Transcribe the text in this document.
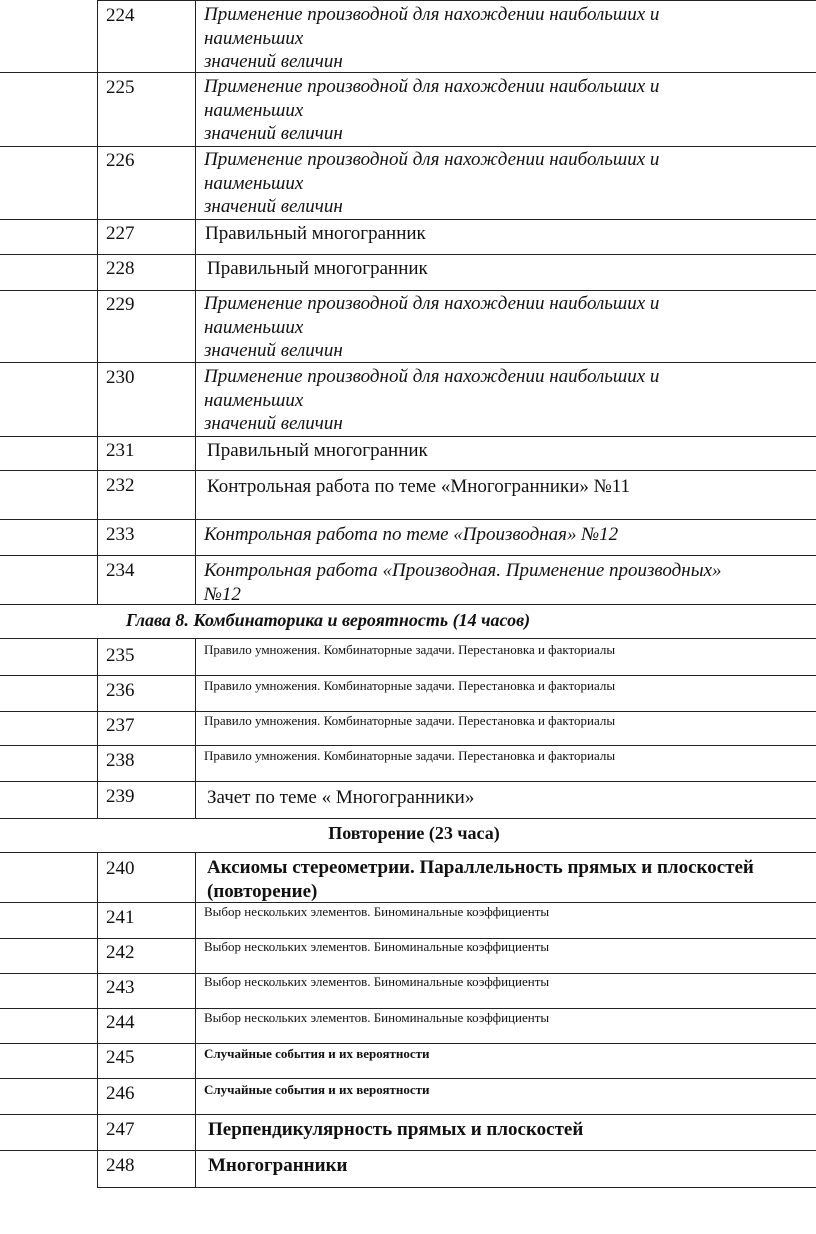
224	Применение производной для нахождении наибольших и
наименьших
значений величин
225	Применение производной для нахождении наибольших и
наименьших
значений величин
226	Применение производной для нахождении наибольших и
наименьших
значений величин
227	Правильный многогранник
228	Правильный многогранник
229	Применение производной для нахождении наибольших и
наименьших
значений величин
230	Применение производной для нахождении наибольших и
наименьших
значений величин
231	Правильный многогранник
232	Контрольная работа по теме «Многогранники» №11
233	Контрольная работа по теме «Производная» №12
234	Контрольная работа «Производная. Применение производных»
№12
Глава 8. Комбинаторика и вероятность (14 часов)
235	Правило умножения. Комбинаторные задачи. Перестановка и факториалы
236	Правило умножения. Комбинаторные задачи. Перестановка и факториалы
237	Правило умножения. Комбинаторные задачи. Перестановка и факториалы
238	Правило умножения. Комбинаторные задачи. Перестановка и факториалы
239	Зачет по теме « Многогранники»
Повторение (23 часа)
240	Аксиомы стереометрии. Параллельность прямых и плоскостей
(повторение)
241	Выбор нескольких элементов. Биноминальные коэффициенты
242	Выбор нескольких элементов. Биноминальные коэффициенты
243	Выбор нескольких элементов. Биноминальные коэффициенты
244	Выбор нескольких элементов. Биноминальные коэффициенты
245	Случайные события и их вероятности
246	Случайные события и их вероятности
247	Перпендикулярность прямых и плоскостей
248	Многогранники
